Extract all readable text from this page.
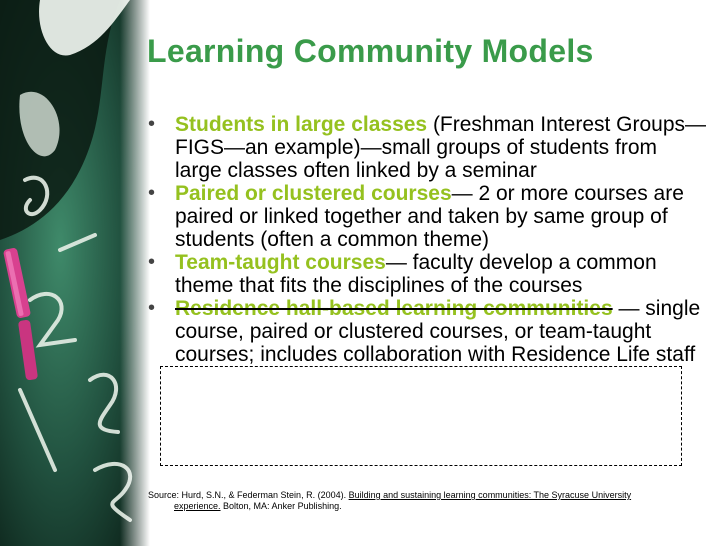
Learning Community Models
• Students in large classes (Freshman Interest Groups—FIGS—an example)—small groups of students from large classes often linked by a seminar
• Paired or clustered courses— 2 or more courses are paired or linked together and taken by same group of students (often a common theme)
• Team-taught courses— faculty develop a common theme that fits the disciplines of the courses
• Residence hall-based learning communities — single course, paired or clustered courses, or team-taught courses; includes collaboration with Residence Life staff
Source: Hurd, S.N., & Federman Stein, R. (2004). Building and sustaining learning communities: The Syracuse University
experience. Bolton, MA: Anker Publishing.
